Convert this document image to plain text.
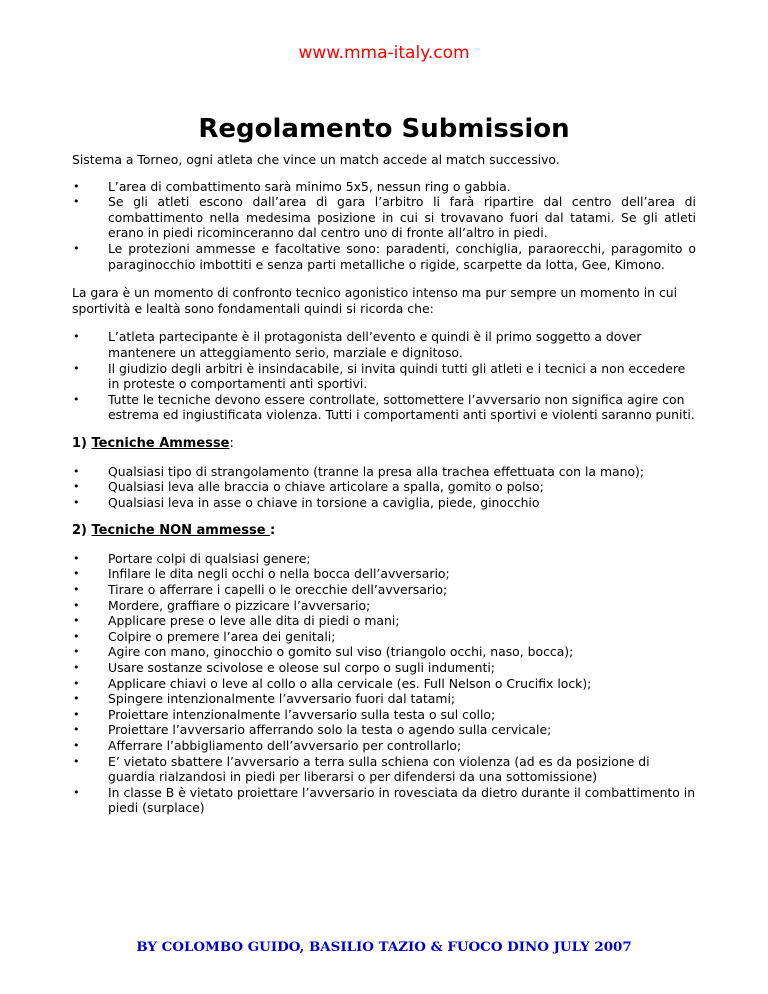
www.mma-italy.com
Regolamento Submission

Sistema a Torneo, ogni atleta che vince un match accede al match successivo.

• L’area di combattimento sarà minimo 5x5, nessun ring o gabbia.
• Se gli atleti escono dall’area di gara l’arbitro li farà ripartire dal centro dell’area di combattimento nella medesima posizione in cui si trovavano fuori dal tatami. Se gli atleti erano in piedi ricominceranno dal centro uno di fronte all’altro in piedi.
• Le protezioni ammesse e facoltative sono: paradenti, conchiglia, paraorecchi, paragomito o paraginocchio imbottiti e senza parti metalliche o rigide, scarpette da lotta, Gee, Kimono.

La gara è un momento di confronto tecnico agonistico intenso ma pur sempre un momento in cui sportività e lealtà sono fondamentali quindi si ricorda che:

• L’atleta partecipante è il protagonista dell’evento e quindi è il primo soggetto a dover mantenere un atteggiamento serio, marziale e dignitoso.
• Il giudizio degli arbitri è insindacabile, si invita quindi tutti gli atleti e i tecnici a non eccedere in proteste o comportamenti anti sportivi.
• Tutte le tecniche devono essere controllate, sottomettere l’avversario non significa agire con estrema ed ingiustificata violenza. Tutti i comportamenti anti sportivi e violenti saranno puniti.

1) Tecniche Ammesse:

• Qualsiasi tipo di strangolamento (tranne la presa alla trachea effettuata con la mano);
• Qualsiasi leva alle braccia o chiave articolare a spalla, gomito o polso;
• Qualsiasi leva in asse o chiave in torsione a caviglia, piede, ginocchio

2) Tecniche NON ammesse :

• Portare colpi di qualsiasi genere;
• Infilare le dita negli occhi o nella bocca dell’avversario;
• Tirare o afferrare i capelli o le orecchie dell’avversario;
• Mordere, graffiare o pizzicare l’avversario;
• Applicare prese o leve alle dita di piedi o mani;
• Colpire o premere l’area dei genitali;
• Agire con mano, ginocchio o gomito sul viso (triangolo occhi, naso, bocca);
• Usare sostanze scivolose e oleose sul corpo o sugli indumenti;
• Applicare chiavi o leve al collo o alla cervicale (es. Full Nelson o Crucifix lock);
• Spingere intenzionalmente l’avversario fuori dal tatami;
• Proiettare intenzionalmente l’avversario sulla testa o sul collo;
• Proiettare l’avversario afferrando solo la testa o agendo sulla cervicale;
• Afferrare l’abbigliamento dell’avversario per controllarlo;
• E’ vietato sbattere l’avversario a terra sulla schiena con violenza (ad es da posizione di guardia rialzandosi in piedi per liberarsi o per difendersi da una sottomissione)
• In classe B è vietato proiettare l’avversario in rovesciata da dietro durante il combattimento in piedi (surplace)
BY COLOMBO GUIDO, BASILIO TAZIO & FUOCO DINO JULY 2007
